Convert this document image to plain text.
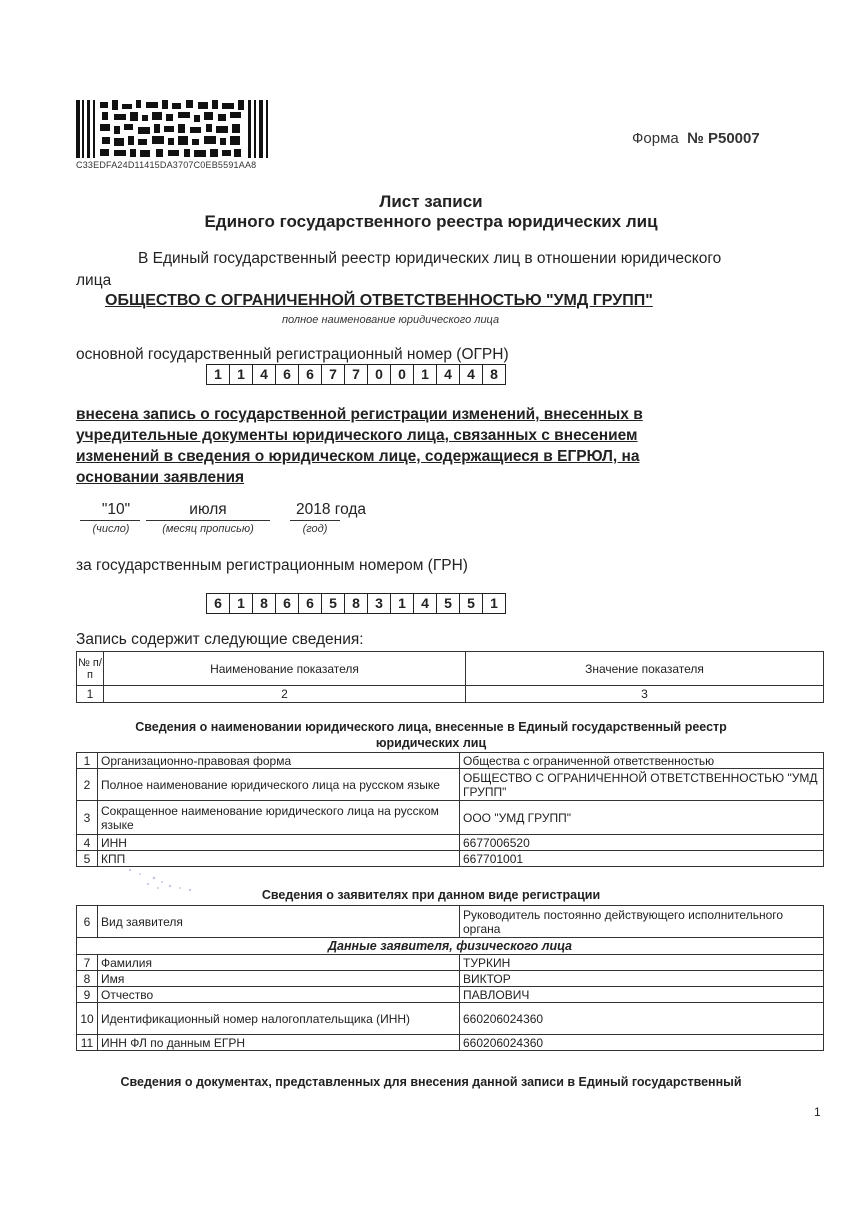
C33EDFA24D11415DA3707C0EB5591AA8
Форма № Р50007
Лист записи
Единого государственного реестра юридических лиц
В Единый государственный реестр юридических лиц в отношении юридического
лица
ОБЩЕСТВО С ОГРАНИЧЕННОЙ ОТВЕТСТВЕННОСТЬЮ "УМД ГРУПП"
полное наименование юридического лица
основной государственный регистрационный номер (ОГРН)
1	1	4	6	6	7	7	0	0	1	4	4	8
внесена запись о государственной регистрации изменений, внесенных в
учредительные документы юридического лица, связанных с внесением
изменений в сведения о юридическом лице, содержащиеся в ЕГРЮЛ, на
основании заявления
"10"
(число)
июля
(месяц прописью)
2018 года
(год)
за государственным регистрационным номером (ГРН)
6	1	8	6	6	5	8	3	1	4	5	5	1
Запись содержит следующие сведения:
№ п/п	Наименование показателя	Значение показателя
1	2	3
Сведения о наименовании юридического лица, внесенные в Единый государственный реестр
юридических лиц
1	Организационно-правовая форма	Общества с ограниченной ответственностью
2	Полное наименование юридического лица на русском языке	ОБЩЕСТВО С ОГРАНИЧЕННОЙ ОТВЕТСТВЕННОСТЬЮ "УМД ГРУПП"
3	Сокращенное наименование юридического лица на русском языке	ООО "УМД ГРУПП"
4	ИНН	6677006520
5	КПП	667701001
Сведения о заявителях при данном виде регистрации
6	Вид заявителя	Руководитель постоянно действующего исполнительного органа
Данные заявителя, физического лица		
7	Фамилия	ТУРКИН
8	Имя	ВИКТОР
9	Отчество	ПАВЛОВИЧ
10	Идентификационный номер налогоплательщика (ИНН)	660206024360
11	ИНН ФЛ по данным ЕГРН	660206024360
Сведения о документах, представленных для внесения данной записи в Единый государственный
1
